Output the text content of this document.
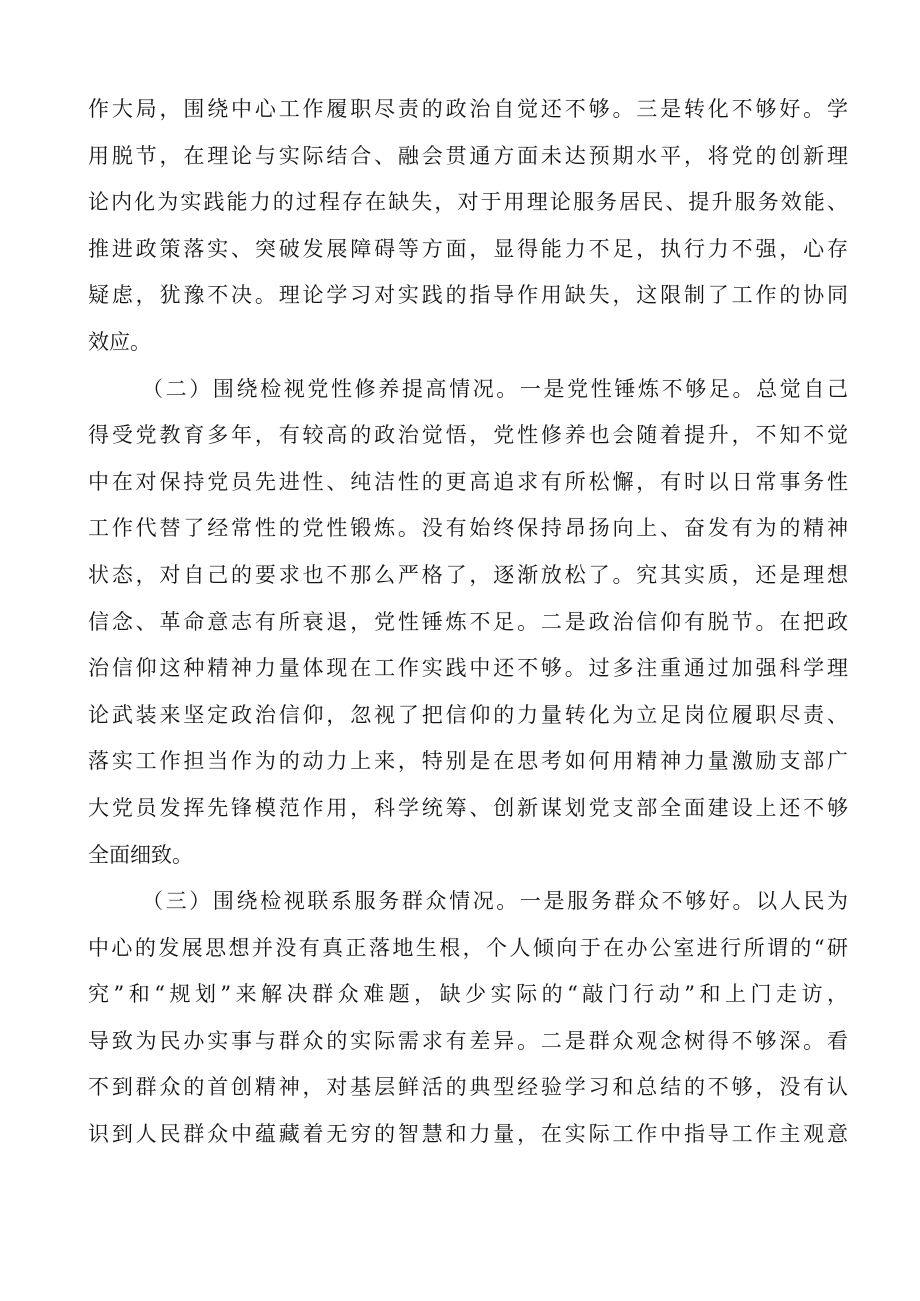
作大局，围绕中心工作履职尽责的政治自觉还不够。三是转化不够好。学
用脱节，在理论与实际结合、融会贯通方面未达预期水平，将党的创新理
论内化为实践能力的过程存在缺失，对于用理论服务居民、提升服务效能、
推进政策落实、突破发展障碍等方面，显得能力不足，执行力不强，心存
疑虑，犹豫不决。理论学习对实践的指导作用缺失，这限制了工作的协同
效应。
（二）围绕检视党性修养提高情况。一是党性锤炼不够足。总觉自己
得受党教育多年，有较高的政治觉悟，党性修养也会随着提升，不知不觉
中在对保持党员先进性、纯洁性的更高追求有所松懈，有时以日常事务性
工作代替了经常性的党性锻炼。没有始终保持昂扬向上、奋发有为的精神
状态，对自己的要求也不那么严格了，逐渐放松了。究其实质，还是理想
信念、革命意志有所衰退，党性锤炼不足。二是政治信仰有脱节。在把政
治信仰这种精神力量体现在工作实践中还不够。过多注重通过加强科学理
论武装来坚定政治信仰，忽视了把信仰的力量转化为立足岗位履职尽责、
落实工作担当作为的动力上来，特别是在思考如何用精神力量激励支部广
大党员发挥先锋模范作用，科学统筹、创新谋划党支部全面建设上还不够
全面细致。
（三）围绕检视联系服务群众情况。一是服务群众不够好。以人民为
中心的发展思想并没有真正落地生根，个人倾向于在办公室进行所谓的“研
究”和“规划”来解决群众难题，缺少实际的“敲门行动”和上门走访，
导致为民办实事与群众的实际需求有差异。二是群众观念树得不够深。看
不到群众的首创精神，对基层鲜活的典型经验学习和总结的不够，没有认
识到人民群众中蕴藏着无穷的智慧和力量，在实际工作中指导工作主观意
